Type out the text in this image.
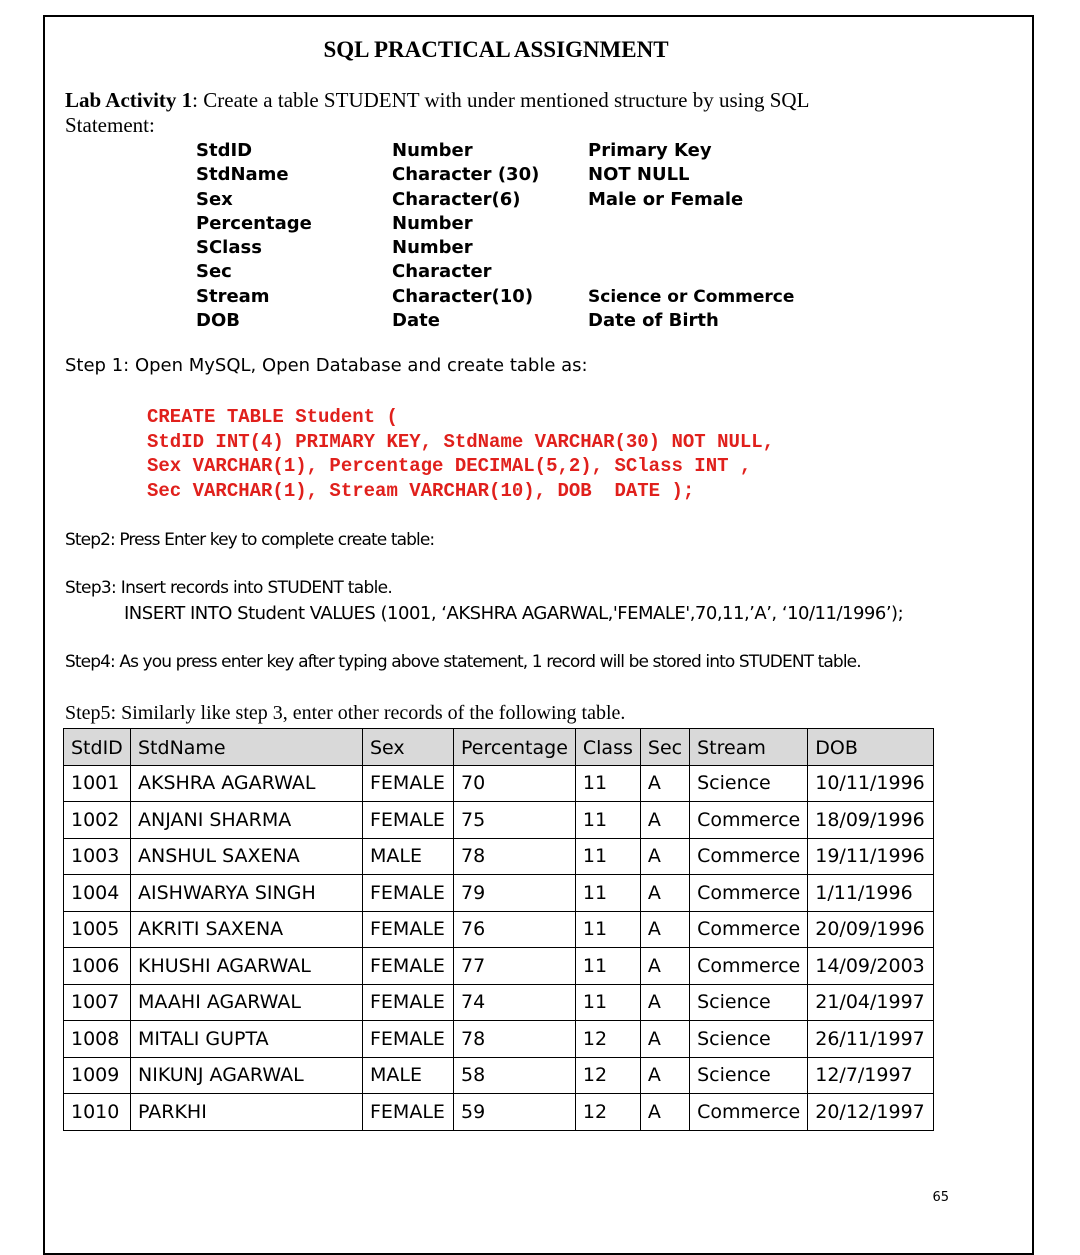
SQL PRACTICAL ASSIGNMENT
Lab Activity 1: Create a table STUDENT with under mentioned structure by using SQL Statement:
StdID	Number	Primary Key
StdName	Character (30)	NOT NULL
Sex	Character(6)	Male or Female
Percentage	Number
SClass	Number
Sec	Character
Stream	Character(10)	Science or Commerce
DOB	Date	Date of Birth
Step 1: Open MySQL, Open Database and create table as:
CREATE TABLE Student (
StdID INT(4) PRIMARY KEY, StdName VARCHAR(30) NOT NULL,
Sex VARCHAR(1), Percentage DECIMAL(5,2), SClass INT ,
Sec VARCHAR(1), Stream VARCHAR(10), DOB  DATE );
Step2: Press Enter key to complete create table:
Step3: Insert records into STUDENT table.
INSERT INTO Student VALUES (1001, ‘AKSHRA AGARWAL,'FEMALE',70,11,’A’, ‘10/11/1996’);
Step4: As you press enter key after typing above statement, 1 record will be stored into STUDENT table.
Step5: Similarly like step 3, enter other records of the following table.
StdID	StdName	Sex	Percentage	Class	Sec	Stream	DOB
1001	AKSHRA AGARWAL	FEMALE	70	11	A	Science	10/11/1996
1002	ANJANI SHARMA	FEMALE	75	11	A	Commerce	18/09/1996
1003	ANSHUL SAXENA	MALE	78	11	A	Commerce	19/11/1996
1004	AISHWARYA SINGH	FEMALE	79	11	A	Commerce	1/11/1996
1005	AKRITI SAXENA	FEMALE	76	11	A	Commerce	20/09/1996
1006	KHUSHI AGARWAL	FEMALE	77	11	A	Commerce	14/09/2003
1007	MAAHI AGARWAL	FEMALE	74	11	A	Science	21/04/1997
1008	MITALI GUPTA	FEMALE	78	12	A	Science	26/11/1997
1009	NIKUNJ AGARWAL	MALE	58	12	A	Science	12/7/1997
1010	PARKHI	FEMALE	59	12	A	Commerce	20/12/1997
65
